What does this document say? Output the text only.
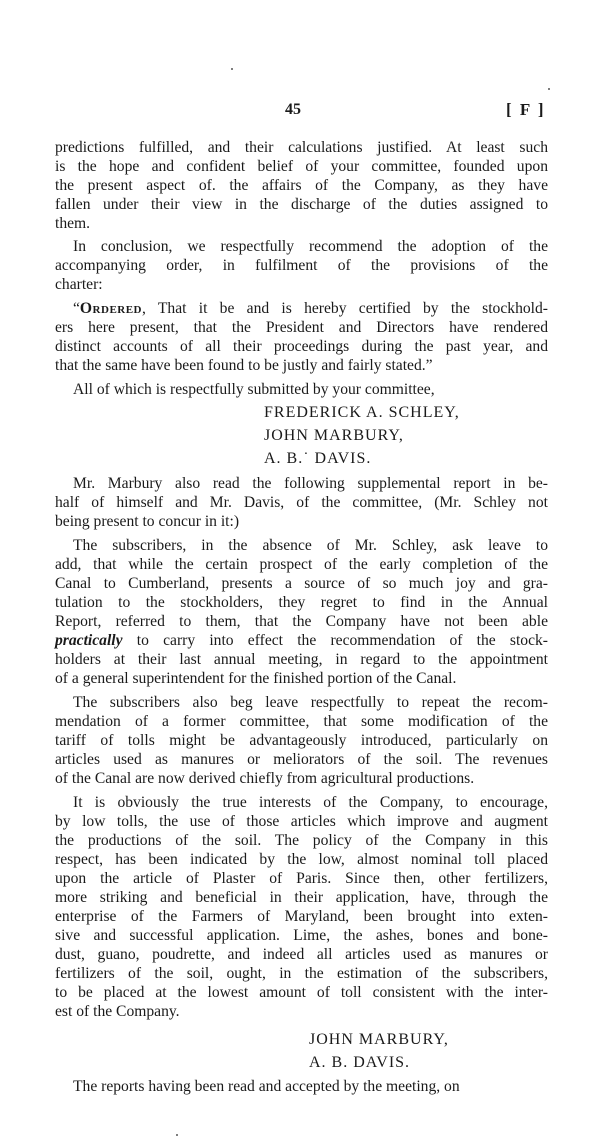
45	[ F ]
predictions fulfilled, and their calculations justified. At least such
is the hope and confident belief of your committee, founded upon
the present aspect of. the affairs of the Company, as they have
fallen under their view in the discharge of the duties assigned to
them.
In conclusion, we respectfully recommend the adoption of the
accompanying order, in fulfilment of the provisions of the
charter:
“Ordered, That it be and is hereby certified by the stockhold-
ers here present, that the President and Directors have rendered
distinct accounts of all their proceedings during the past year, and
that the same have been found to be justly and fairly stated.”
All of which is respectfully submitted by your committee,
FREDERICK A. SCHLEY,
JOHN MARBURY,
A. B.˙ DAVIS.
Mr. Marbury also read the following supplemental report in be-
half of himself and Mr. Davis, of the committee, (Mr. Schley not
being present to concur in it:)
The subscribers, in the absence of Mr. Schley, ask leave to
add, that while the certain prospect of the early completion of the
Canal to Cumberland, presents a source of so much joy and gra-
tulation to the stockholders, they regret to find in the Annual
Report, referred to them, that the Company have not been able
practically to carry into effect the recommendation of the stock-
holders at their last annual meeting, in regard to the appointment
of a general superintendent for the finished portion of the Canal.
The subscribers also beg leave respectfully to repeat the recom-
mendation of a former committee, that some modification of the
tariff of tolls might be advantageously introduced, particularly on
articles used as manures or meliorators of the soil. The revenues
of the Canal are now derived chiefly from agricultural productions.
It is obviously the true interests of the Company, to encourage,
by low tolls, the use of those articles which improve and augment
the productions of the soil. The policy of the Company in this
respect, has been indicated by the low, almost nominal toll placed
upon the article of Plaster of Paris. Since then, other fertilizers,
more striking and beneficial in their application, have, through the
enterprise of the Farmers of Maryland, been brought into exten-
sive and successful application. Lime, the ashes, bones and bone-
dust, guano, poudrette, and indeed all articles used as manures or
fertilizers of the soil, ought, in the estimation of the subscribers,
to be placed at the lowest amount of toll consistent with the inter-
est of the Company.
JOHN MARBURY,
A. B. DAVIS.
The reports having been read and accepted by the meeting, on
